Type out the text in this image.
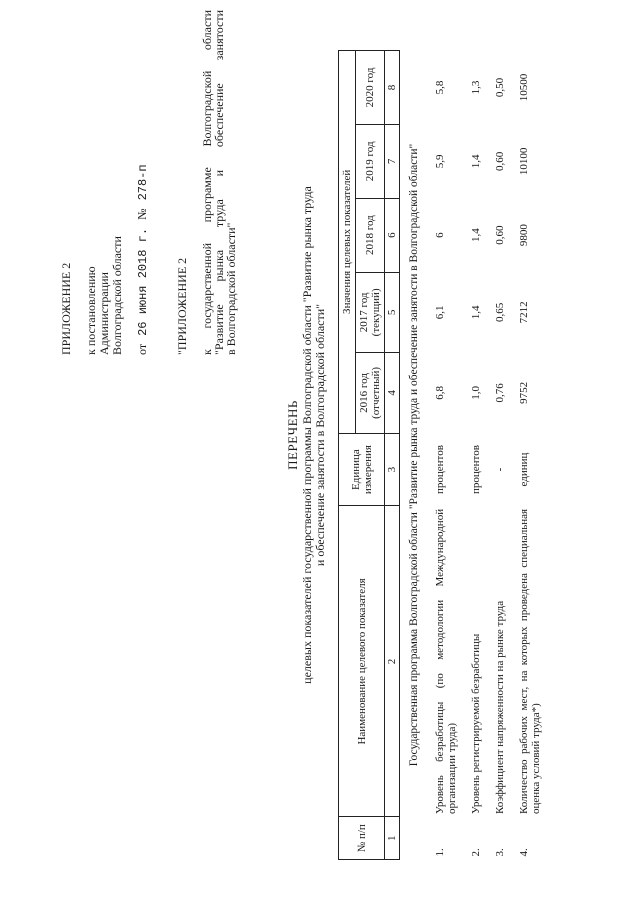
ПРИЛОЖЕНИЕ 2 к постановлению Администрации Волгоградской области от
26 июня 2018 г.
№
278-п
"ПРИЛОЖЕНИЕ 2 к государственной программе Волгоградской области
"Развитие рынка труда и обеспечение занятости
в Волгоградской области"
ПЕРЕЧЕНЬ целевых показателей государственной программы Волгоградской области "Развитие рынка труда и обеспечение занятости в Волгоградской области"
№ п/п	Наименование целевого показателя	Единица измерения	Значения целевых показателей				
			2016 год (отчетный)	2017 год (текущий)	2018 год	2019 год	2020 год
1	2	3	4	5	6	7	8
Государственная программа Волгоградской области "Развитие рынка труда и обеспечение занятости в Волгоградской области"							
1.	Уровень безработицы (по методологии Международной организации труда)	процентов	6,8	6,1	6	5,9	5,8
2.	Уровень регистрируемой безработицы	процентов	1,0	1,4	1,4	1,4	1,3
3.	Коэффициент напряженности на рынке труда	-	0,76	0,65	0,60	0,60	0,50
4.	Количество рабочих мест, на которых проведена специальная оценка условий труда*)	единиц	9752	7212	9800	10100	10500
